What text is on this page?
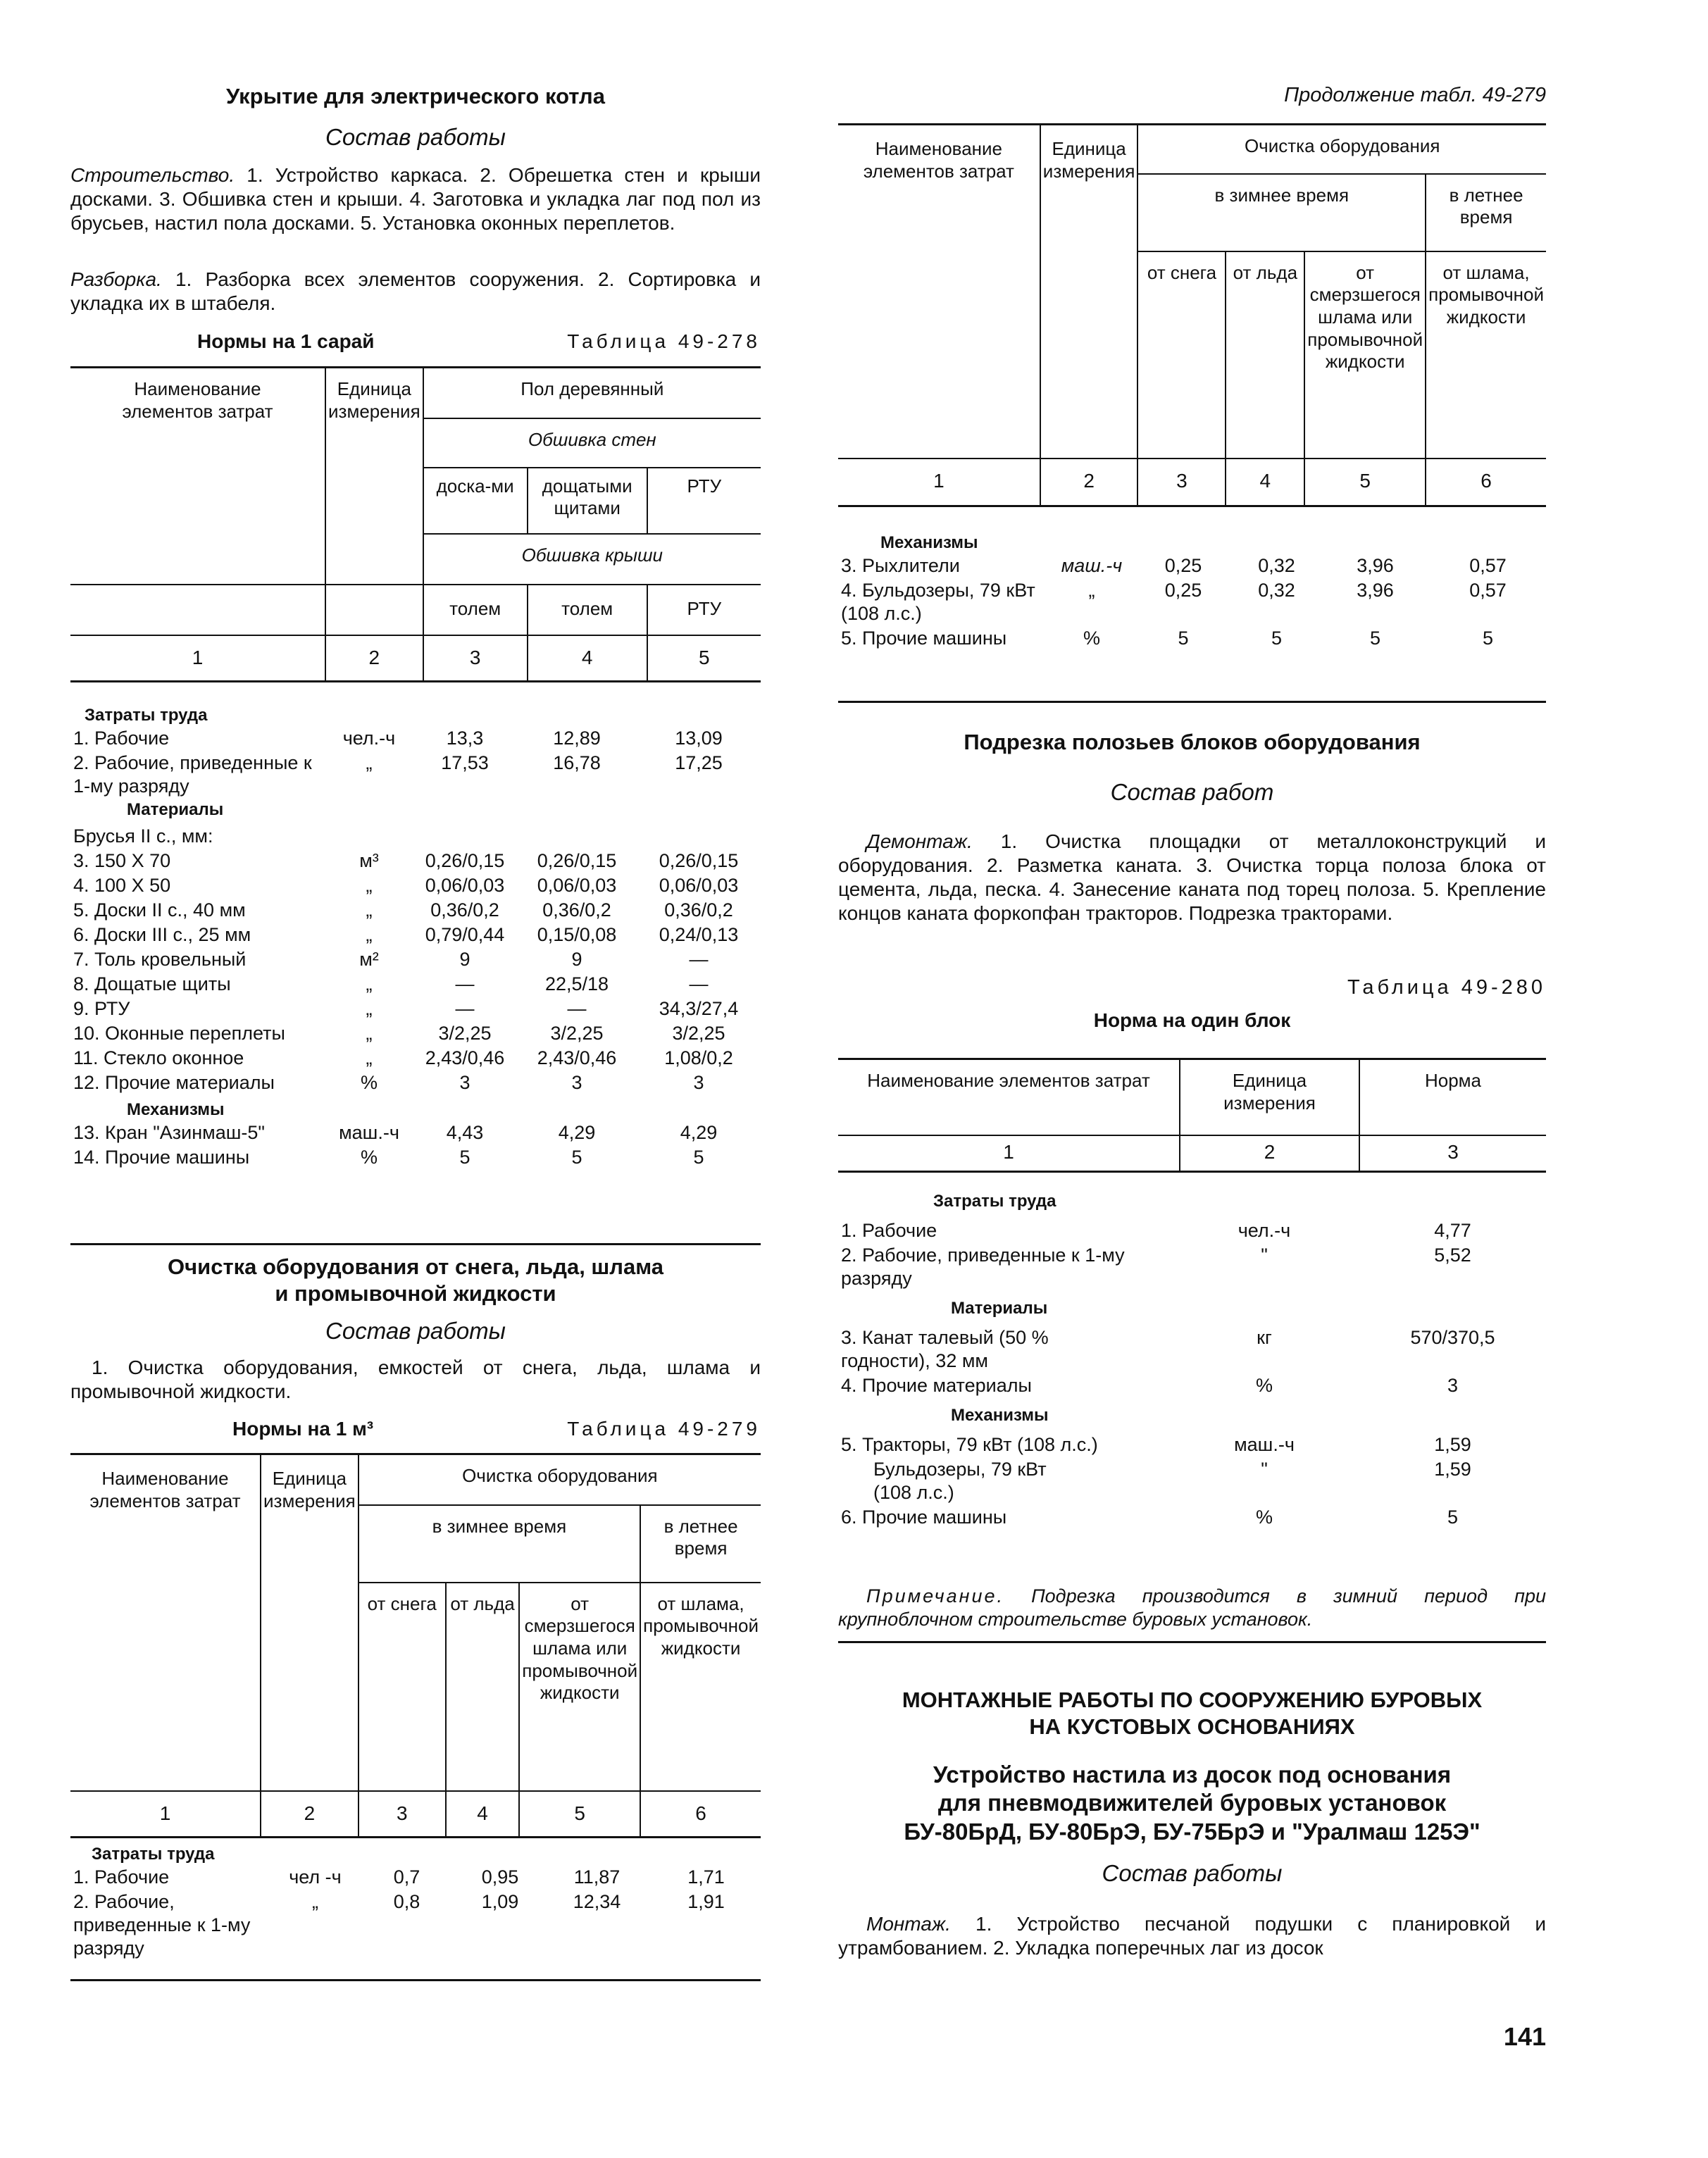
Укрытие для электрического котла
Состав работы
Строительство. 1. Устройство каркаса. 2. Обрешетка стен и крыши досками. 3. Обшивка стен и крыши. 4. Заготовка и укладка лаг под пол из брусьев, настил пола досками. 5. Установка оконных переплетов.
Разборка. 1. Разборка всех элементов сооружения. 2. Сортировка и укладка их в штабеля.
Нормы на 1 сарай	Таблица 49-278
Наименование элементов затрат	Единица измерения	Пол деревянный		
		Обшивка стен		
		доска-ми	дощатыми щитами	РТУ
		Обшивка крыши		
		толем	толем	РТУ
1	2	3	4	5
Затраты труда				
1. Рабочие	чел.-ч	13,3	12,89	13,09
2. Рабочие, приведенные к 1-му разряду	„	17,53	16,78	17,25
Материалы				
Брусья II с., мм:				
3. 150 Х 70	м³	0,26/0,15	0,26/0,15	0,26/0,15
4. 100 Х 50	„	0,06/0,03	0,06/0,03	0,06/0,03
5. Доски II с., 40 мм	„	0,36/0,2	0,36/0,2	0,36/0,2
6. Доски III с., 25 мм	„	0,79/0,44	0,15/0,08	0,24/0,13
7. Толь кровельный	м²	9	9	—
8. Дощатые щиты	„	—	22,5/18	—
9. РТУ	„	—	—	34,3/27,4
10. Оконные переплеты	„	3/2,25	3/2,25	3/2,25
11. Стекло оконное	„	2,43/0,46	2,43/0,46	1,08/0,2
12. Прочие материалы	%	3	3	3
Механизмы				
13. Кран "Азинмаш-5"	маш.-ч	4,43	4,29	4,29
14. Прочие машины	%	5	5	5
Очистка оборудования от снега, льда, шлама
и промывочной жидкости
Состав работы
1. Очистка оборудования, емкостей от снега, льда, шлама и промывочной жидкости.
Нормы на 1 м³	Таблица 49-279
Наименование элементов затрат	Единица измерения	Очистка оборудования			
		в зимнее время			в летнее время
		от снега	от льда	от смерзшегося шлама или промывочной жидкости	от шлама, промывочной жидкости
1	2	3	4	5	6
Затраты труда					
1. Рабочие	чел -ч	0,7	0,95	11,87	1,71
2. Рабочие, приведенные к 1-му разряду	„	0,8	1,09	12,34	1,91
Продолжение табл. 49-279
Наименование элементов затрат	Единица измерения	Очистка оборудования			
		в зимнее время			в летнее время
		от снега	от льда	от смерзшегося шлама или промывочной жидкости	от шлама, промывочной жидкости
1	2	3	4	5	6
Механизмы					
3. Рыхлители	маш.-ч	0,25	0,32	3,96	0,57
4. Бульдозеры, 79 кВт (108 л.с.)	„	0,25	0,32	3,96	0,57
5. Прочие машины	%	5	5	5	5
Подрезка полозьев блоков оборудования
Состав работ
Демонтаж. 1. Очистка площадки от металлоконструкций и оборудования. 2. Разметка каната. 3. Очистка торца полоза блока от цемента, льда, песка. 4. Занесение каната под торец полоза. 5. Крепление концов каната форкопфан тракторов. Подрезка тракторами.
Таблица 49-280
Норма на один блок
Наименование элементов затрат	Единица измерения	Норма
1	2	3
Затраты труда		
1. Рабочие	чел.-ч	4,77
2. Рабочие, приведенные к 1-му разряду	"	5,52
Материалы		
3. Канат талевый (50 % годности), 32 мм	кг	570/370,5
4. Прочие материалы	%	3
Механизмы		
5. Тракторы, 79 кВт (108 л.с.)	маш.-ч	1,59
Бульдозеры, 79 кВт (108 л.с.)	"	1,59
6. Прочие машины	%	5
Примечание. Подрезка производится в зимний период при крупноблочном строительстве буровых установок.
МОНТАЖНЫЕ РАБОТЫ ПО СООРУЖЕНИЮ БУРОВЫХ
НА КУСТОВЫХ ОСНОВАНИЯХ
Устройство настила из досок под основания
для пневмодвижителей буровых установок
БУ-80БрД, БУ-80БрЭ, БУ-75БрЭ и "Уралмаш 125Э"
Состав работы
Монтаж. 1. Устройство песчаной подушки с планировкой и утрамбованием. 2. Укладка поперечных лаг из досок
141
